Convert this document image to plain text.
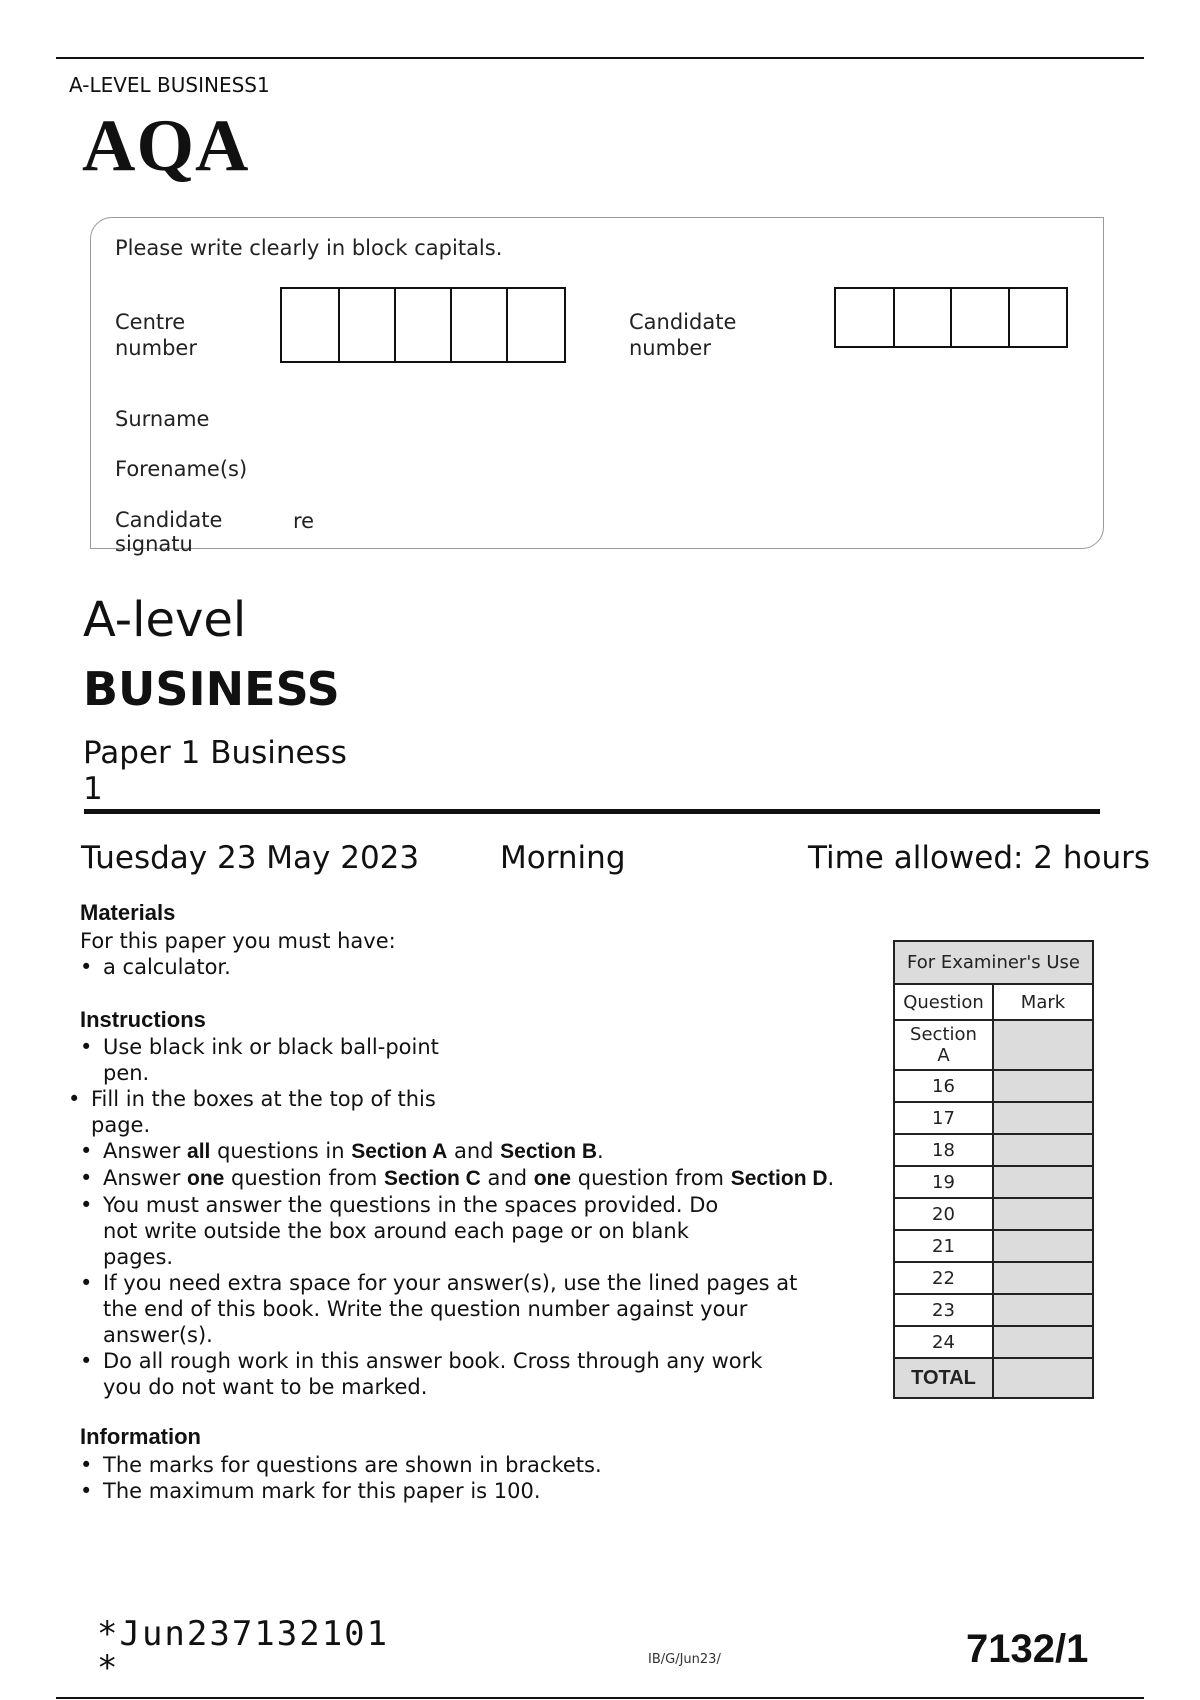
A-LEVEL BUSINESS1
AQA
Please write clearly in block capitals.
Centre
number
Candidate
number
Surname
Forename(s)
Candidate
signatu
re
A-level
BUSINESS
Paper 1 Business
1
Tuesday 23 May 2023	Morning	Time allowed: 2 hours
Materials
For this paper you must have:
• a calculator.
Instructions
• Use black ink or black ball-point
pen.
• Fill in the boxes at the top of this
page.
• Answer all questions in Section A and Section B.
• Answer one question from Section C and one question from Section D.
• You must answer the questions in the spaces provided. Do
not write outside the box around each page or on blank
pages.
• If you need extra space for your answer(s), use the lined pages at
the end of this book. Write the question number against your
answer(s).
• Do all rough work in this answer book. Cross through any work
you do not want to be marked.
Information
• The marks for questions are shown in brackets.
• The maximum mark for this paper is 100.
For Examiner's Use	
Question	Mark
Section
A	
16	
17	
18	
19	
20	
21	
22	
23	
24	
TOTAL	
*Jun237132101
*	IB/G/Jun23/	7132/1
